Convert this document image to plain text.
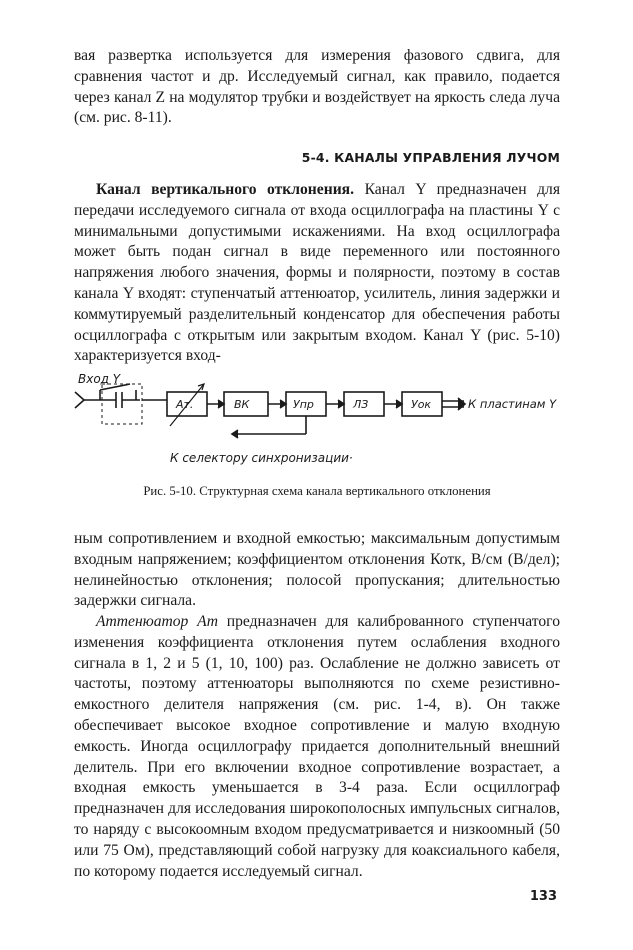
вая развертка используется для измерения фазового сдвига, для сравнения частот и др. Исследуемый сигнал, как правило, подается через канал Z на модулятор трубки и воздействует на яркость следа луча (см. рис. 8-11).

5-4. КАНАЛЫ УПРАВЛЕНИЯ ЛУЧОМ

Канал вертикального отклонения. Канал Y предназначен для передачи исследуемого сигнала от входа осциллографа на пластины Y с минимальными допустимыми искажениями. На вход осциллографа может быть подан сигнал в виде переменного или постоянного напряжения любого значения, формы и полярности, поэтому в состав канала Y входят: ступенчатый аттенюатор, усилитель, линия задержки и коммутируемый разделительный конденсатор для обеспечения работы осциллографа с открытым или закрытым входом. Канал Y (рис. 5-10) характеризуется вход-

Вход Y
Ат.	ВК	Упр	ЛЗ	Уок	К пластинам Y
К селектору синхронизации·
Рис. 5-10. Структурная схема канала вертикального отклонения

ным сопротивлением и входной емкостью; максимальным допустимым входным напряжением; коэффициентом отклонения Котк, В/см (В/дел); нелинейностью отклонения; полосой пропускания; длительностью задержки сигнала.

Аттенюатор Ат предназначен для калиброванного ступенчатого изменения коэффициента отклонения путем ослабления входного сигнала в 1, 2 и 5 (1, 10, 100) раз. Ослабление не должно зависеть от частоты, поэтому аттенюаторы выполняются по схеме резистивно-емкостного делителя напряжения (см. рис. 1-4, в). Он также обеспечивает высокое входное сопротивление и малую входную емкость. Иногда осциллографу придается дополнительный внешний делитель. При его включении входное сопротивление возрастает, а входная емкость уменьшается в 3-4 раза. Если осциллограф предназначен для исследования широкополосных импульсных сигналов, то наряду с высокоомным входом предусматривается и низкоомный (50 или 75 Ом), представляющий собой нагрузку для коаксиального кабеля, по которому подается исследуемый сигнал.

133
